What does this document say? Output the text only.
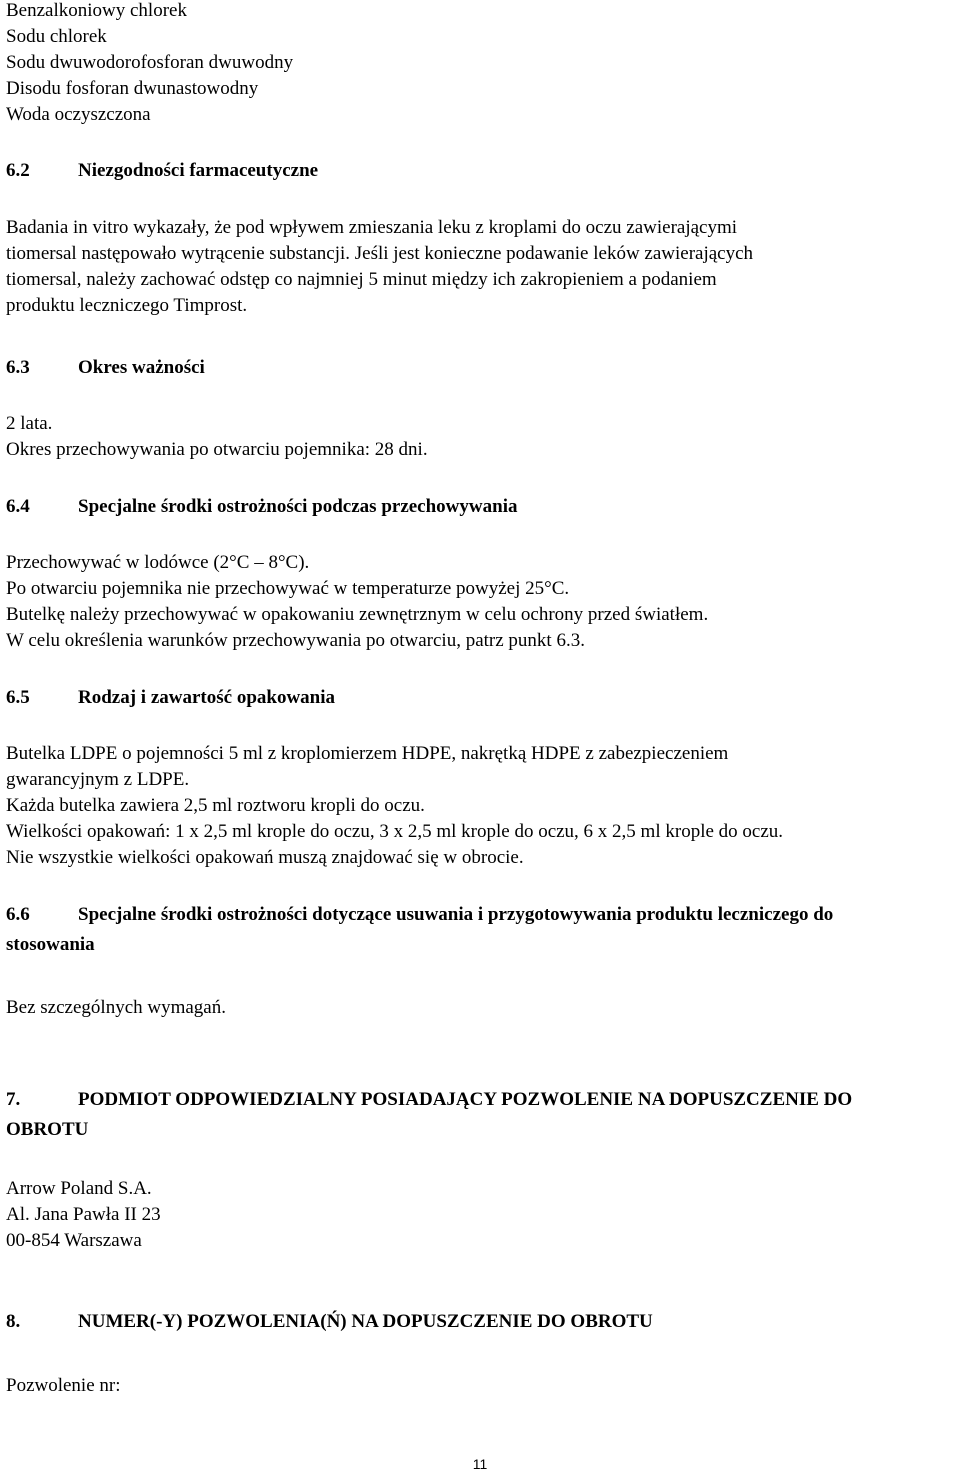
Benzalkoniowy chlorek
Sodu chlorek
Sodu dwuwodorofosforan dwuwodny
Disodu fosforan dwunastowodny
Woda oczyszczona
6.2	Niezgodności farmaceutyczne
Badania in vitro wykazały, że pod wpływem zmieszania leku z kroplami do oczu zawierającymi
tiomersal następowało wytrącenie substancji. Jeśli jest konieczne podawanie leków zawierających
tiomersal, należy zachować odstęp co najmniej 5 minut między ich zakropieniem a podaniem
produktu leczniczego Timprost.
6.3	Okres ważności
2 lata.
Okres przechowywania po otwarciu pojemnika: 28 dni.
6.4	Specjalne środki ostrożności podczas przechowywania
Przechowywać w lodówce (2°C – 8°C).
Po otwarciu pojemnika nie przechowywać w temperaturze powyżej 25°C.
Butelkę należy przechowywać w opakowaniu zewnętrznym w celu ochrony przed światłem.
W celu określenia warunków przechowywania po otwarciu, patrz punkt 6.3.
6.5	Rodzaj i zawartość opakowania
Butelka LDPE o pojemności 5 ml z kroplomierzem HDPE, nakrętką HDPE z zabezpieczeniem
gwarancyjnym z LDPE.
Każda butelka zawiera 2,5 ml roztworu kropli do oczu.
Wielkości opakowań: 1 x 2,5 ml krople do oczu, 3 x 2,5 ml krople do oczu, 6 x 2,5 ml krople do oczu.
Nie wszystkie wielkości opakowań muszą znajdować się w obrocie.
6.6	Specjalne środki ostrożności dotyczące usuwania i przygotowywania produktu leczniczego do stosowania
Bez szczególnych wymagań.
7.	PODMIOT ODPOWIEDZIALNY POSIADAJĄCY POZWOLENIE NA DOPUSZCZENIE DO OBROTU
Arrow Poland S.A.
Al. Jana Pawła II 23
00-854 Warszawa
8.	NUMER(-Y) POZWOLENIA(Ń) NA DOPUSZCZENIE DO OBROTU
Pozwolenie nr:
11
